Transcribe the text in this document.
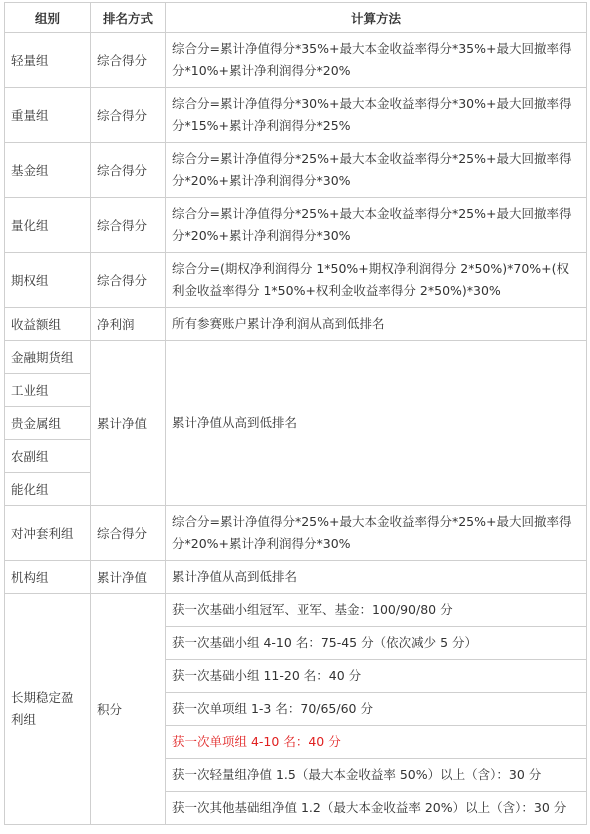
组别	排名方式	计算方法
轻量组	综合得分	综合分=累计净值得分*35%+最大本金收益率得分*35%+最大回撤率得分*10%+累计净利润得分*20%
重量组	综合得分	综合分=累计净值得分*30%+最大本金收益率得分*30%+最大回撤率得分*15%+累计净利润得分*25%
基金组	综合得分	综合分=累计净值得分*25%+最大本金收益率得分*25%+最大回撤率得分*20%+累计净利润得分*30%
量化组	综合得分	综合分=累计净值得分*25%+最大本金收益率得分*25%+最大回撤率得分*20%+累计净利润得分*30%
期权组	综合得分	综合分=(期权净利润得分 1*50%+期权净利润得分 2*50%)*70%+(权利金收益率得分 1*50%+权利金收益率得分 2*50%)*30%
收益额组	净利润	所有参赛账户累计净利润从高到低排名
金融期货组	累计净值	累计净值从高到低排名
工业组		
贵金属组		
农副组		
能化组		
对冲套利组	综合得分	综合分=累计净值得分*25%+最大本金收益率得分*25%+最大回撤率得分*20%+累计净利润得分*30%
机构组	累计净值	累计净值从高到低排名
长期稳定盈利组	积分	获一次基础小组冠军、亚军、基金：100/90/80 分
		获一次基础小组 4-10 名：75-45 分（依次减少 5 分）
		获一次基础小组 11-20 名：40 分
		获一次单项组 1-3 名：70/65/60 分
		获一次单项组 4-10 名：40 分
		获一次轻量组净值 1.5（最大本金收益率 50%）以上（含）：30 分
		获一次其他基础组净值 1.2（最大本金收益率 20%）以上（含）：30 分
